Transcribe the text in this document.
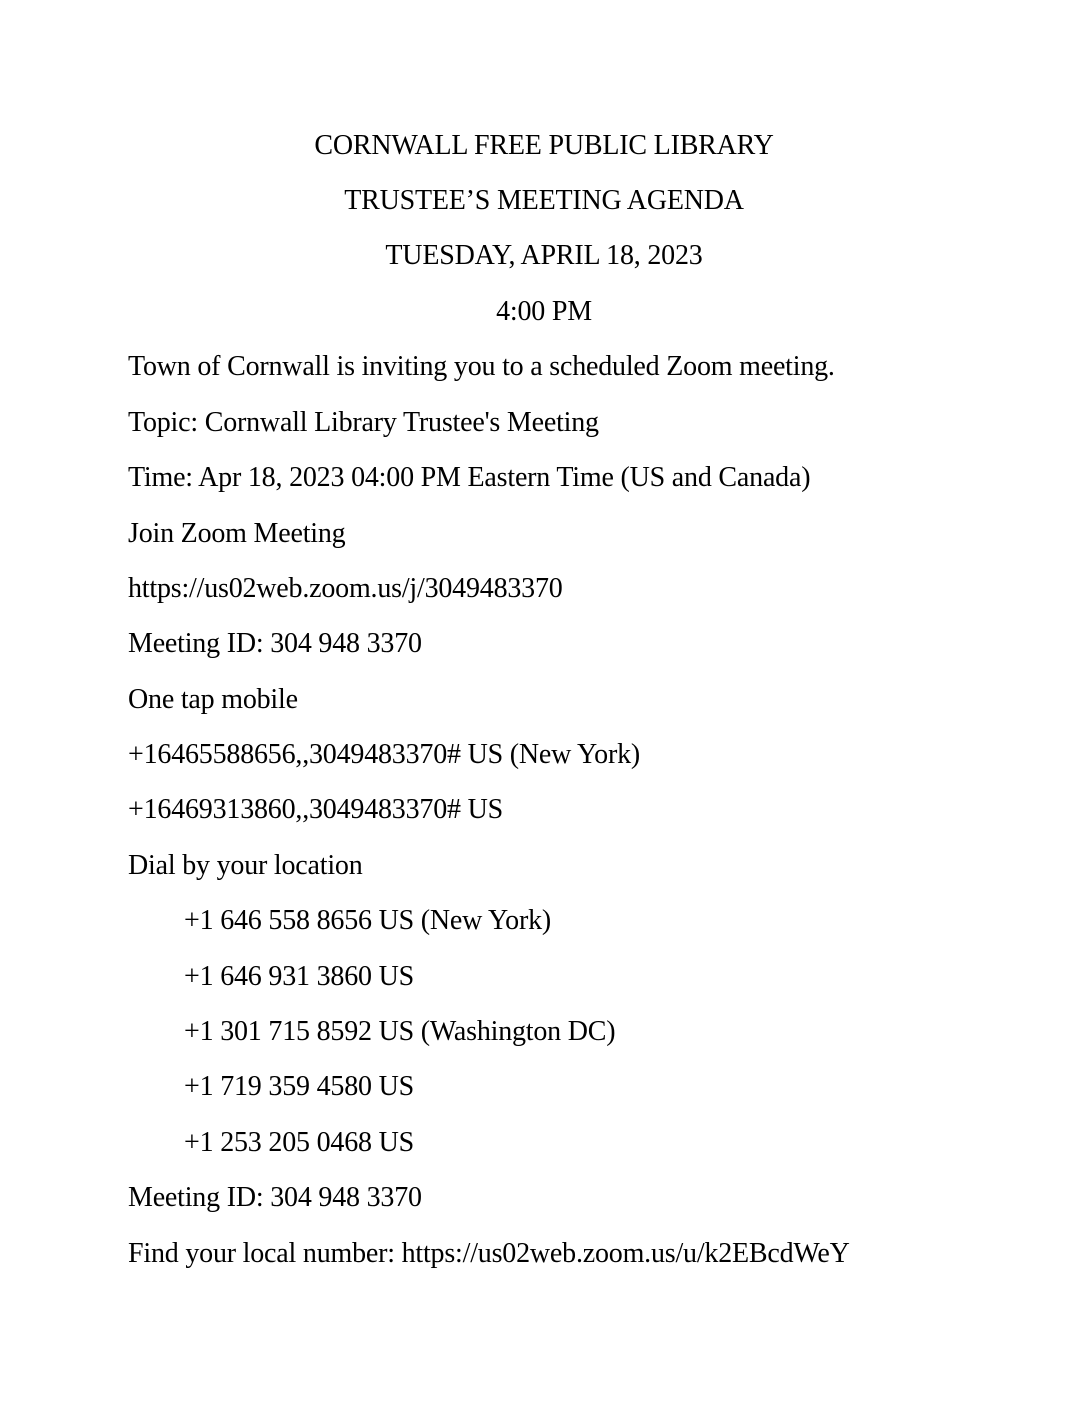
CORNWALL FREE PUBLIC LIBRARY
TRUSTEE’S MEETING AGENDA
TUESDAY, APRIL 18, 2023
4:00 PM
Town of Cornwall is inviting you to a scheduled Zoom meeting.
Topic: Cornwall Library Trustee's Meeting
Time: Apr 18, 2023 04:00 PM Eastern Time (US and Canada)
Join Zoom Meeting
https://us02web.zoom.us/j/3049483370
Meeting ID: 304 948 3370
One tap mobile
+16465588656,,3049483370# US (New York)
+16469313860,,3049483370# US
Dial by your location
+1 646 558 8656 US (New York)
+1 646 931 3860 US
+1 301 715 8592 US (Washington DC)
+1 719 359 4580 US
+1 253 205 0468 US
Meeting ID: 304 948 3370
Find your local number: https://us02web.zoom.us/u/k2EBcdWeY
